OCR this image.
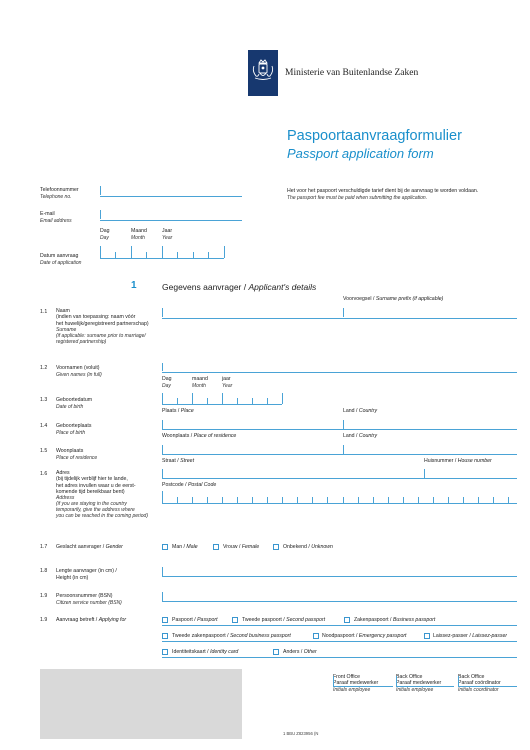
Ministerie van Buitenlandse Zaken
Paspoortaanvraagformulier
Passport application form
Telefoonnummer
Telephone no.
E-mail
Email address
Dag
Day
Maand
Month
Jaar
Year
Datum aanvraag
Date of application
Het voor het paspoort verschuldigde tarief dient bij de aanvraag te worden voldaan.
The passport fee must be paid when submitting the application.
1	Gegevens aanvrager / Applicant's details
Voorvoegsel / Surname prefix (if applicable)
1.1 Naam
(indien van toepassing: naam vóór
het huwelijk/geregistreerd partnerschap)
Surname
(if applicable: surname prior to marriage/
registered partnership)
1.2 Voornamen (voluit)
Given names (in full)
Dag
Day
maand
Month
jaar
Year
1.3 Geboortedatum
Date of birth
Plaats / Place	Land / Country
1.4 Geboorteplaats
Place of birth	Woonplaats / Place of residence	Land / Country
1.5 Woonplaats
Place of residence	Straat / Street	Huisnummer / House number
1.6 Adres
(bij tijdelijk verblijf hier te lande,
het adres invullen waar u de eerst-
komende tijd bereikbaar bent)
Address
(if you are staying in the country
temporarily, give the address where
you can be reached in the coming period)
Postcode / Postal Code
1.7 Geslacht aanvrager / Gender	Man / Male	Vrouw / Female	Onbekend / Unknown
1.8 Lengte aanvrager (in cm) /
Height (in cm)
1.9 Persoonsnummer (BSN)
Citizen service number (BSN)
1.9 Aanvraag betreft / Applying for	Paspoort / Passport	Tweede paspoort / Second passport	Zakenpaspoort / Business passport
Tweede zakenpaspoort / Second business passport	Noodpaspoort / Emergency passport	Laissez-passer / Laissez-passer
Identiteitskaart / Identity card	Anders / Other
Front Office
Paraaf medewerker
Initials employee
Back Office
Paraaf medewerker
Initials employee
Back Office
Paraaf coördinator
Initials coordinator
1 BBU Z823956 (N
